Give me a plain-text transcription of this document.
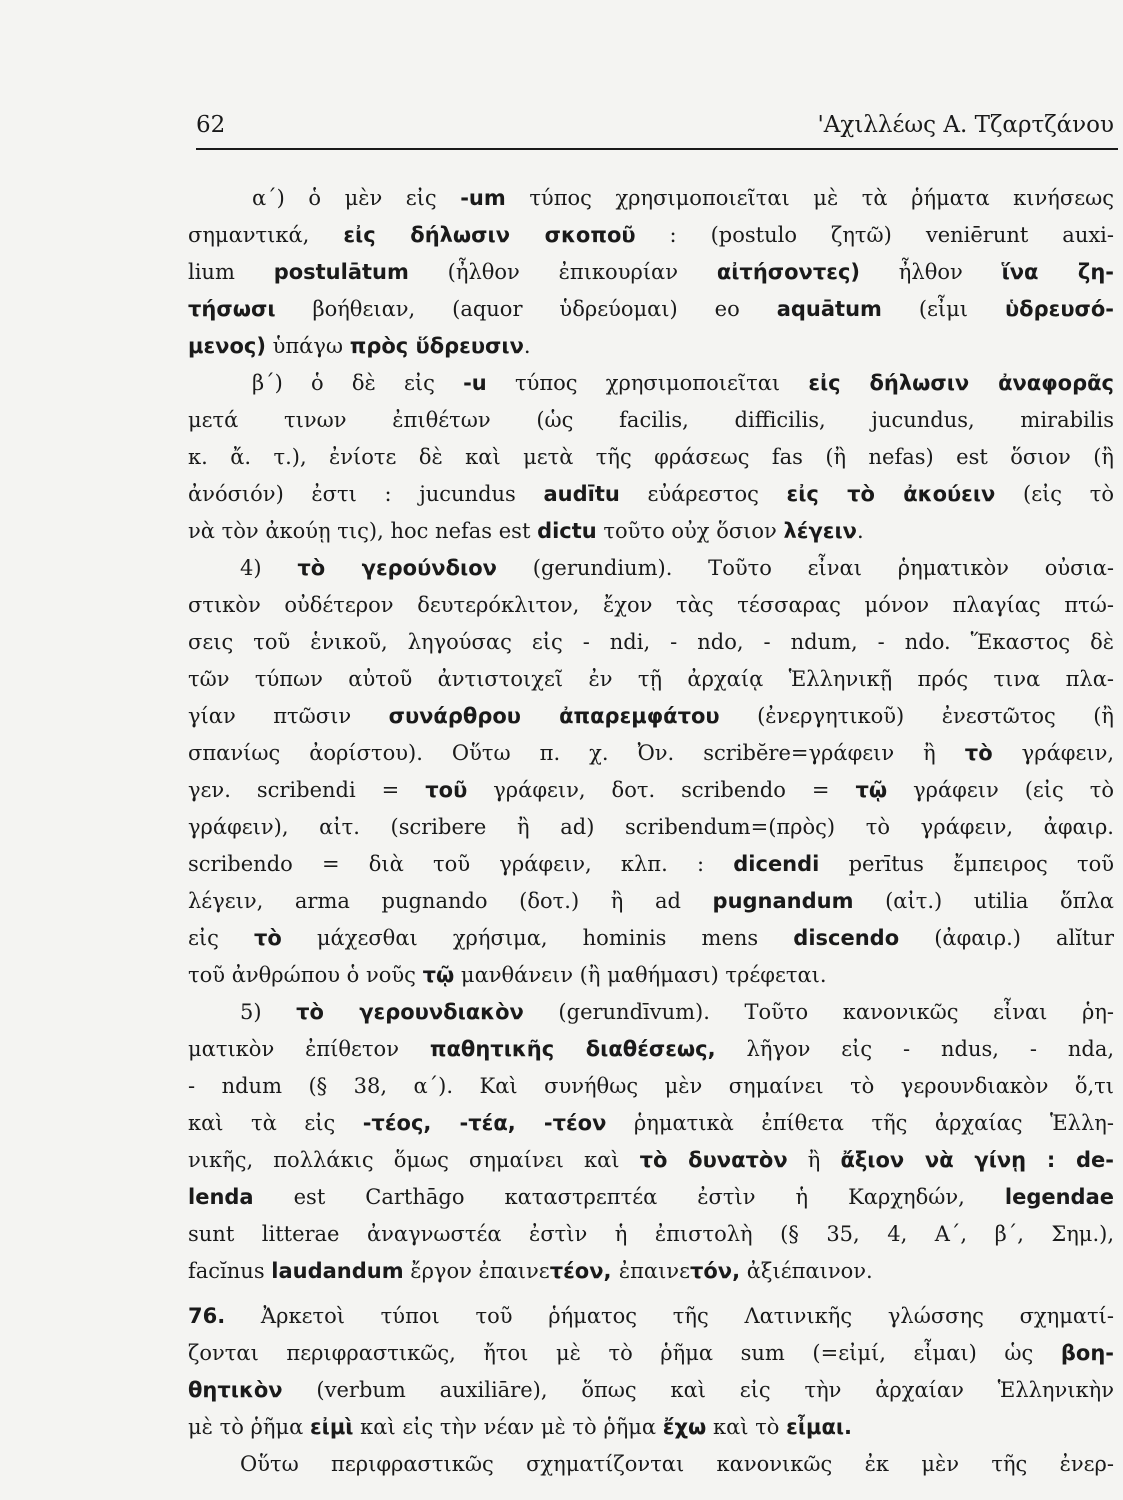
62	'Αχιλλέως Α. Τζαρτζάνου
α΄) ὁ μὲν εἰς -um τύπος χρησιμοποιεῖται μὲ τὰ ῥήματα κινήσεως
σημαντικά, εἰς δήλωσιν σκοποῦ : (postulo ζητῶ) veniērunt auxi-
lium postulātum (ἦλθον ἐπικουρίαν αἰτήσοντες) ἦλθον ἵνα ζη-
τήσωσι βοήθειαν, (aquor ὑδρεύομαι) eo aquātum (εἶμι ὑδρευσό-
μενος) ὑπάγω πρὸς ὕδρευσιν.
β΄) ὁ δὲ εἰς -u τύπος χρησιμοποιεῖται εἰς δήλωσιν ἀναφορᾶς
μετά τινων ἐπιθέτων (ὡς facilis, difficilis, jucundus, mirabilis
κ. ἄ. τ.), ἐνίοτε δὲ καὶ μετὰ τῆς φράσεως fas (ἢ nefas) est ὅσιον (ἢ
ἀνόσιόν) ἐστι : jucundus audītu εὐάρεστος εἰς τὸ ἀκούειν (εἰς τὸ
νὰ τὸν ἀκούῃ τις), hoc nefas est dictu τοῦτο οὐχ ὅσιον λέγειν.
4) τὸ γερούνδιον (gerundium). Τοῦτο εἶναι ῥηματικὸν οὐσια-
στικὸν οὐδέτερον δευτερόκλιτον, ἔχον τὰς τέσσαρας μόνον πλαγίας πτώ-
σεις τοῦ ἑνικοῦ, ληγούσας εἰς - ndi, - ndo, - ndum, - ndo. Ἕκαστος δὲ
τῶν τύπων αὐτοῦ ἀντιστοιχεῖ ἐν τῇ ἀρχαίᾳ Ἑλληνικῇ πρός τινα πλα-
γίαν πτῶσιν συνάρθρου ἀπαρεμφάτου (ἐνεργητικοῦ) ἐνεστῶτος (ἢ
σπανίως ἀορίστου). Οὕτω π. χ. Ὀν. scribĕre=γράφειν ἢ τὸ γράφειν,
γεν. scribendi = τοῦ γράφειν, δοτ. scribendo = τῷ γράφειν (εἰς τὸ
γράφειν), αἰτ. (scribere ἢ ad) scribendum=(πρὸς) τὸ γράφειν, ἀφαιρ.
scribendo = διὰ τοῦ γράφειν, κλπ. : dicendi perītus ἔμπειρος τοῦ
λέγειν, arma pugnando (δοτ.) ἢ ad pugnandum (αἰτ.) utilia ὅπλα
εἰς τὸ μάχεσθαι χρήσιμα, hominis mens discendo (ἀφαιρ.) alĭtur
τοῦ ἀνθρώπου ὁ νοῦς τῷ μανθάνειν (ἢ μαθήμασι) τρέφεται.
5) τὸ γερουνδιακὸν (gerundīvum). Τοῦτο κανονικῶς εἶναι ῥη-
ματικὸν ἐπίθετον παθητικῆς διαθέσεως, λῆγον εἰς - ndus, - nda,
- ndum (§ 38, α΄). Καὶ συνήθως μὲν σημαίνει τὸ γερουνδιακὸν ὅ,τι
καὶ τὰ εἰς -τέος, -τέα, -τέον ῥηματικὰ ἐπίθετα τῆς ἀρχαίας Ἑλλη-
νικῆς, πολλάκις ὅμως σημαίνει καὶ τὸ δυνατὸν ἢ ἄξιον νὰ γίνῃ : de-
lenda est Carthāgo καταστρεπτέα ἐστὶν ἡ Καρχηδών, legendae
sunt litterae ἀναγνωστέα ἐστὶν ἡ ἐπιστολὴ (§ 35, 4, Α΄, β΄, Σημ.),
facĭnus laudandum ἔργον ἐπαινετέον, ἐπαινετόν, ἀξιέπαινον.
76. Ἀρκετοὶ τύποι τοῦ ῥήματος τῆς Λατινικῆς γλώσσης σχηματί-
ζονται περιφραστικῶς, ἤτοι μὲ τὸ ῥῆμα sum (=εἰμί, εἶμαι) ὡς βοη-
θητικὸν (verbum auxiliāre), ὅπως καὶ εἰς τὴν ἀρχαίαν Ἑλληνικὴν
μὲ τὸ ῥῆμα εἰμὶ καὶ εἰς τὴν νέαν μὲ τὸ ῥῆμα ἔχω καὶ τὸ εἶμαι.
Οὕτω περιφραστικῶς σχηματίζονται κανονικῶς ἐκ μὲν τῆς ἐνερ-
